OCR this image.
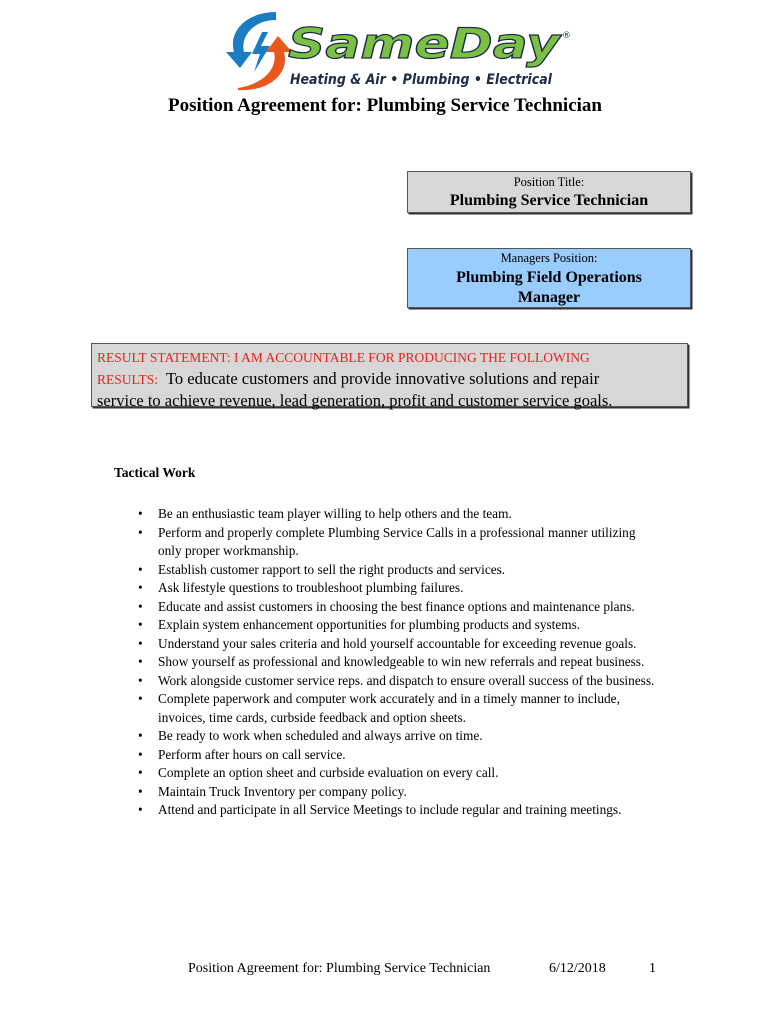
SameDay ®
Heating & Air • Plumbing • Electrical
Position Agreement for: Plumbing Service Technician
Position Title:
Plumbing Service Technician
Managers Position:
Plumbing Field Operations
Manager
RESULT STATEMENT: I AM ACCOUNTABLE FOR PRODUCING THE FOLLOWING
RESULTS: To educate customers and provide innovative solutions and repair
service to achieve revenue, lead generation, profit and customer service goals.
Tactical Work
• Be an enthusiastic team player willing to help others and the team.
• Perform and properly complete Plumbing Service Calls in a professional manner utilizing only proper workmanship.
• Establish customer rapport to sell the right products and services.
• Ask lifestyle questions to troubleshoot plumbing failures.
• Educate and assist customers in choosing the best finance options and maintenance plans.
• Explain system enhancement opportunities for plumbing products and systems.
• Understand your sales criteria and hold yourself accountable for exceeding revenue goals.
• Show yourself as professional and knowledgeable to win new referrals and repeat business.
• Work alongside customer service reps. and dispatch to ensure overall success of the business.
• Complete paperwork and computer work accurately and in a timely manner to include, invoices, time cards, curbside feedback and option sheets.
• Be ready to work when scheduled and always arrive on time.
• Perform after hours on call service.
• Complete an option sheet and curbside evaluation on every call.
• Maintain Truck Inventory per company policy.
• Attend and participate in all Service Meetings to include regular and training meetings.
Position Agreement for: Plumbing Service Technician	6/12/2018	1
